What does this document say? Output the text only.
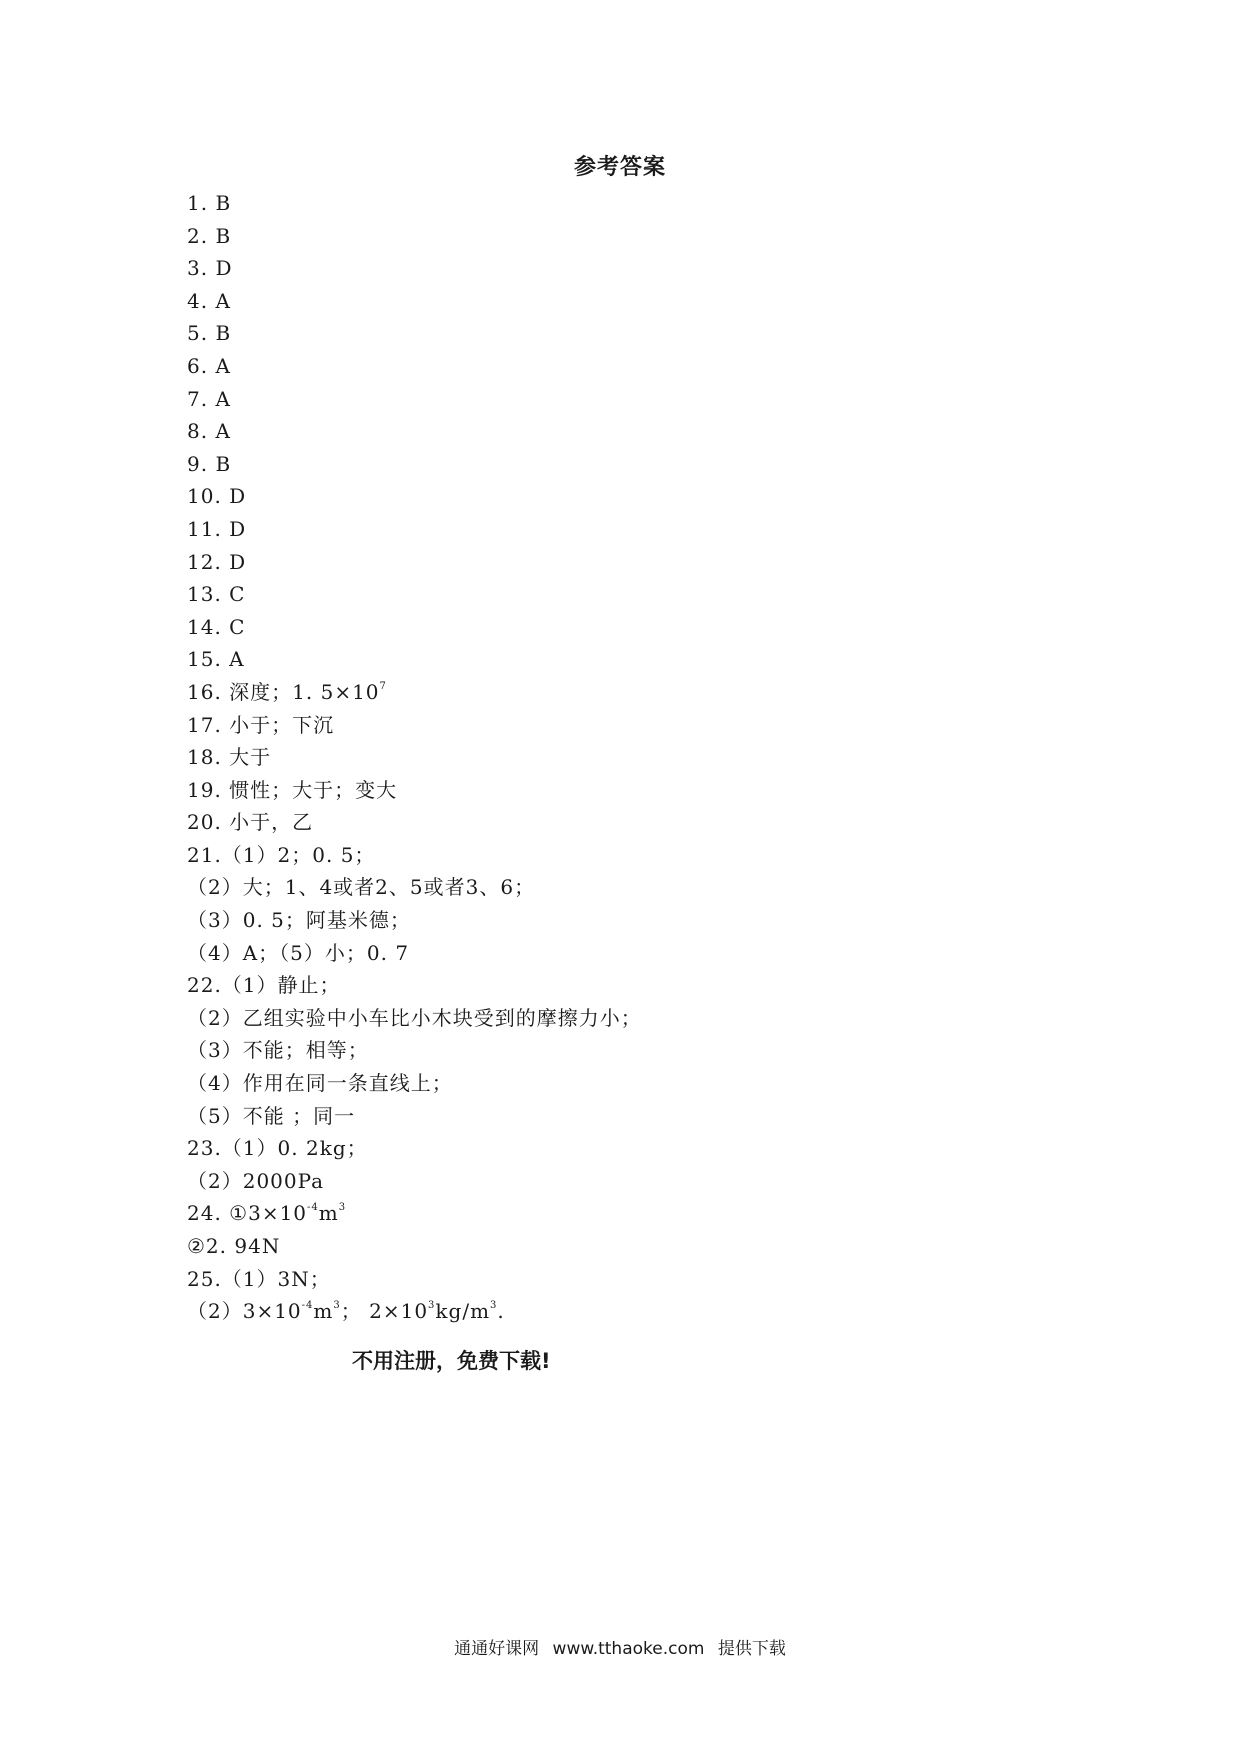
参考答案
1. B
2. B
3. D
4. A
5. B
6. A
7. A
8. A
9. B
10. D
11. D
12. D
13. C
14. C
15. A
16. 深度；1. $5\times 10^7$
17. 小于；下沉
18. 大于
19. 惯性；大于；变大
20. 小于，乙
21.（1）2；0. 5；
（2）大；1、4或者2、5或者3、6；
（3）0. 5；阿基米德；
（4）A；（5）小；0. 7
22.（1）静止；
（2）乙组实验中小车比小木块受到的摩擦力小；
（3）不能；相等；
（4）作用在同一条直线上；
（5）不能 ；同一
23.（1）0. 2kg；
（2）2000Pa
24. $①3\times 10^{-4}m^3$
②2. 94N
25.（1）3N；
$(2)3\times 10^{-4}m^3$； $2\times 10^3kg/m^3$.
不用注册，免费下载!
通通好课网 www.tthaoke.com 提供下载
